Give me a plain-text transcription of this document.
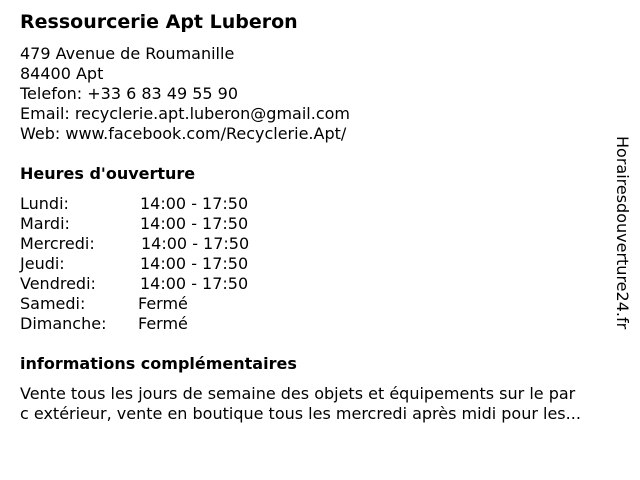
Ressourcerie Apt Luberon
479 Avenue de Roumanille
84400 Apt
Telefon: +33 6 83 49 55 90
Email: recyclerie.apt.luberon@gmail.com
Web: www.facebook.com/Recyclerie.Apt/
Heures d'ouverture
Lundi:	14:00 - 17:50
Mardi:	14:00 - 17:50
Mercredi:	14:00 - 17:50
Jeudi:	14:00 - 17:50
Vendredi:	14:00 - 17:50
Samedi:	Fermé
Dimanche: Fermé
informations complémentaires
Vente tous les jours de semaine des objets et équipements sur le par
c extérieur, vente en boutique tous les mercredi après midi pour les...
Horairesdouverture24.fr
